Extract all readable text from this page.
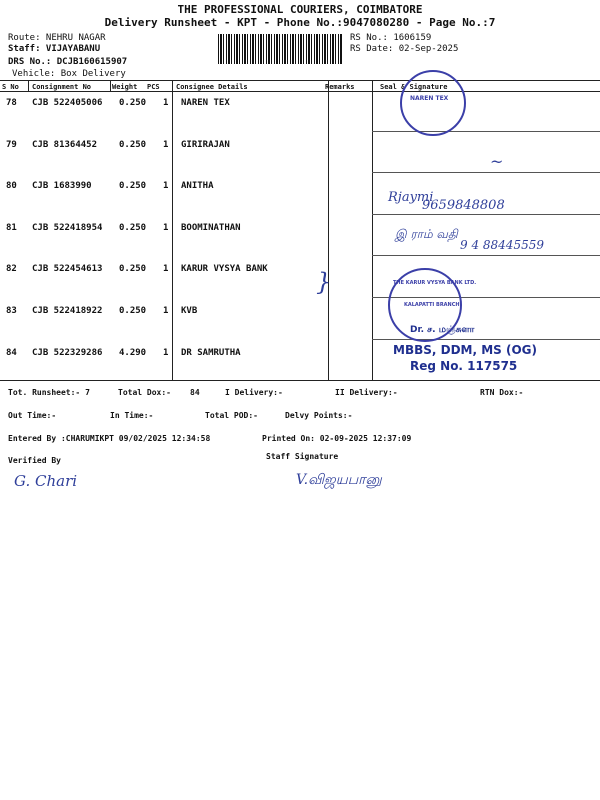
THE PROFESSIONAL COURIERS, COIMBATORE
Delivery Runsheet - KPT - Phone No.:9047080280 - Page No.:7
Route: NEHRU NAGAR
Staff: VIJAYABANU
DRS No.: DCJB160615907
Vehicle: Box Delivery
RS No.: 1606159
RS Date: 02-Sep-2025
S No Consignment No	Weight PCS Consignee Details	Remarks	Seal & Signature
78 CJB 522405006 0.250 1 NAREN TEX
79 CJB 81364452 0.250 1 GIRIRAJAN
80 CJB 1683990	0.250 1 ANITHA
81 CJB 522418954 0.250 1 BOOMINATHAN
82 CJB 522454613 0.250 1 KARUR VYSYA BANK
83 CJB 522418922 0.250 1 KVB
84 CJB 522329286 4.290 1 DR SAMRUTHA
NAREN TEX
~
Rjaymi
9659848808
இ ராம் வதி
9 4 88445559
THE KARUR VYSYA BANK LTD.
KALAPATTI BRANCH
}
Dr. ச. மஞ்சுளா
MBBS, DDM, MS (OG)
Reg No. 117575
Tot. Runsheet:- 7	Total Dox:- 84	I Delivery:-	II Delivery:-	RTN Dox:-
Out Time:-	In Time:-	Total POD:-	Delvy Points:-
Entered By :CHARUMIKPT 09/02/2025 12:34:58	Printed On: 02-09-2025 12:37:09
Verified By	Staff Signature
G. Chari	V.விஜயபானு
